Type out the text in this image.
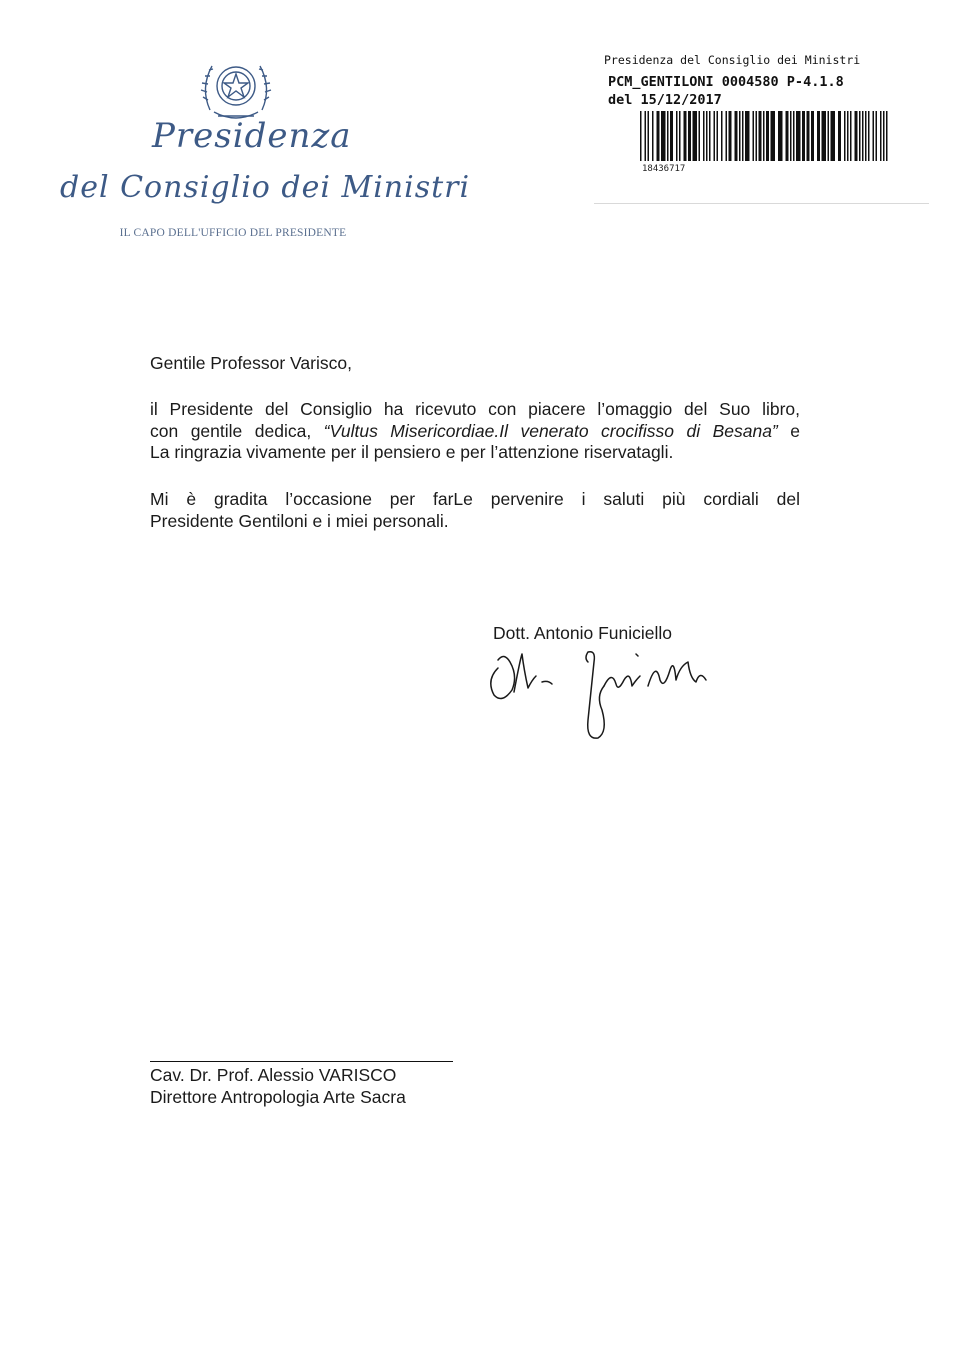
Presidenza
del Consiglio dei Ministri
IL CAPO DELL'UFFICIO DEL PRESIDENTE
Presidenza del Consiglio dei Ministri
PCM_GENTILONI 0004580 P-4.1.8
del 15/12/2017
18436717
Gentile Professor Varisco,
il Presidente del Consiglio ha ricevuto con piacere l’omaggio del Suo libro,
con gentile dedica, “Vultus Misericordiae.Il venerato crocifisso di Besana” e
La ringrazia vivamente per il pensiero e per l’attenzione riservatagli.
Mi è gradita l’occasione per farLe pervenire i saluti più cordiali del
Presidente Gentiloni e i miei personali.
Dott. Antonio Funiciello
Cav. Dr. Prof. Alessio VARISCO
Direttore Antropologia Arte Sacra
